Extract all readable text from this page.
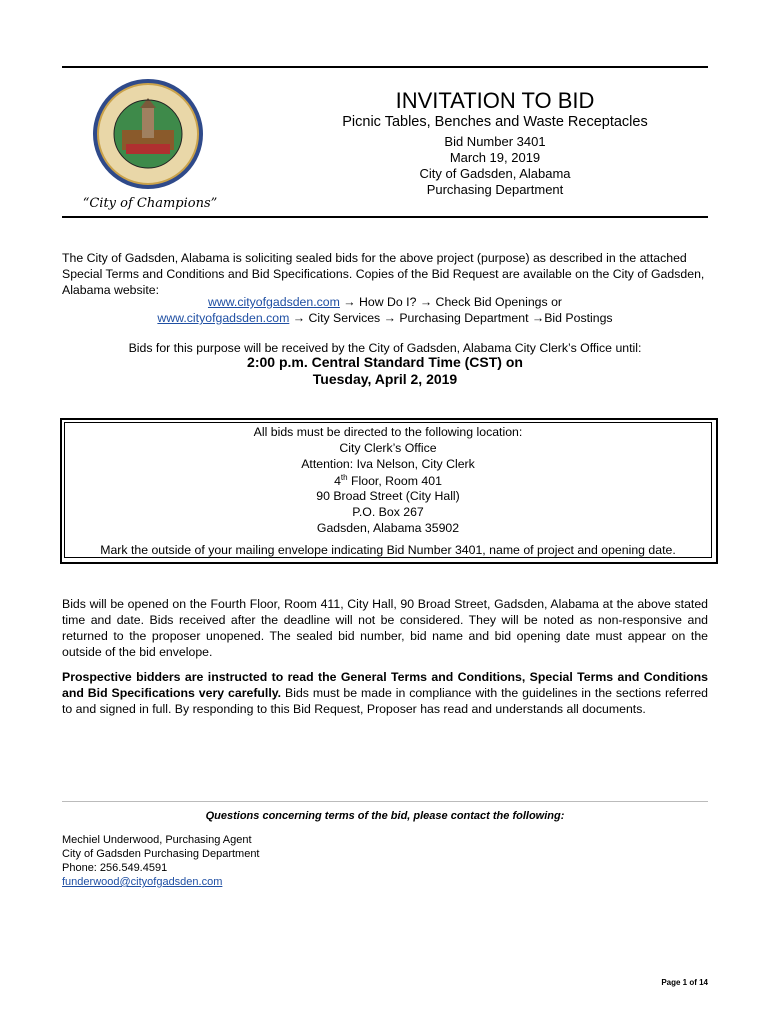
“City of Champions”
INVITATION TO BID
Picnic Tables, Benches and Waste Receptacles
Bid Number 3401
March 19, 2019
City of Gadsden, Alabama
Purchasing Department
The City of Gadsden, Alabama is soliciting sealed bids for the above project (purpose) as described in the attached Special Terms and Conditions and Bid Specifications. Copies of the Bid Request are available on the City of Gadsden, Alabama website:
www.cityofgadsden.com → How Do I? → Check Bid Openings or
www.cityofgadsden.com → City Services → Purchasing Department →Bid Postings
Bids for this purpose will be received by the City of Gadsden, Alabama City Clerk’s Office until:
2:00 p.m. Central Standard Time (CST) on
Tuesday, April 2, 2019
All bids must be directed to the following location:
City Clerk’s Office
Attention: Iva Nelson, City Clerk
4th Floor, Room 401
90 Broad Street (City Hall)
P.O. Box 267
Gadsden, Alabama 35902
Mark the outside of your mailing envelope indicating Bid Number 3401, name of project and opening date.
Bids will be opened on the Fourth Floor, Room 411, City Hall, 90 Broad Street, Gadsden, Alabama at the above stated time and date. Bids received after the deadline will not be considered. They will be noted as non-responsive and returned to the proposer unopened. The sealed bid number, bid name and bid opening date must appear on the outside of the bid envelope.
Prospective bidders are instructed to read the General Terms and Conditions, Special Terms and Conditions and Bid Specifications very carefully. Bids must be made in compliance with the guidelines in the sections referred to and signed in full. By responding to this Bid Request, Proposer has read and understands all documents.
Questions concerning terms of the bid, please contact the following:
Mechiel Underwood, Purchasing Agent
City of Gadsden Purchasing Department
Phone: 256.549.4591
funderwood@cityofgadsden.com
Page 1 of 14
